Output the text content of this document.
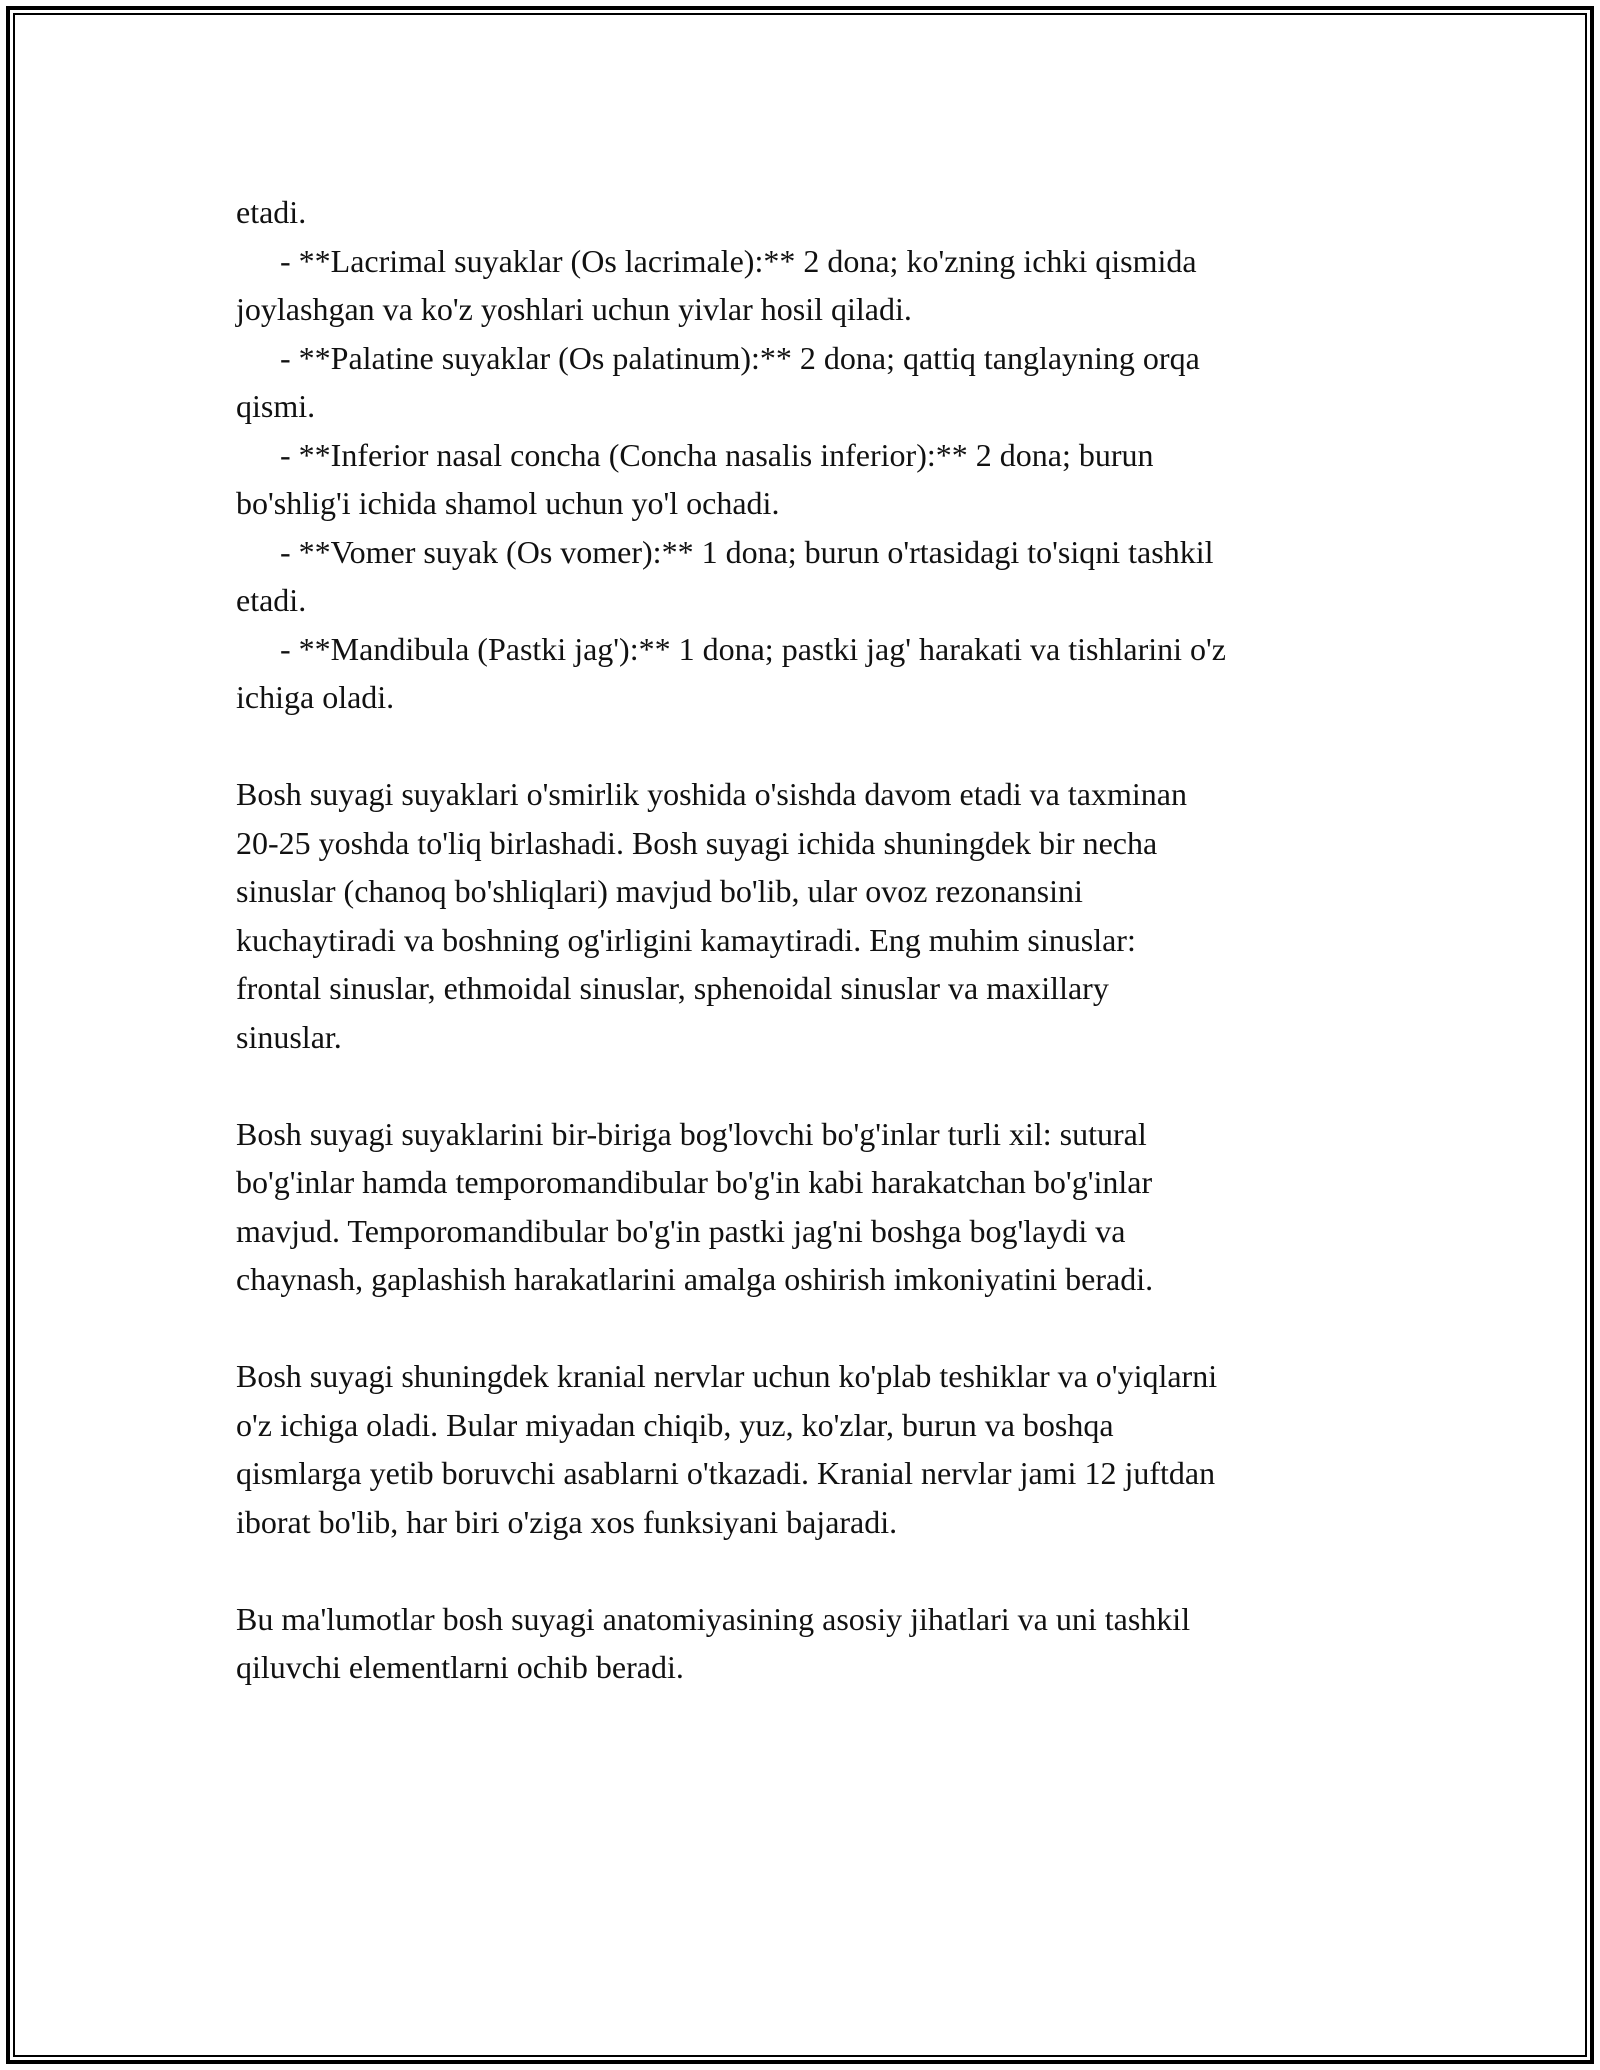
etadi.
- **Lacrimal suyaklar (Os lacrimale):** 2 dona; ko'zning ichki qismida
joylashgan va ko'z yoshlari uchun yivlar hosil qiladi.
- **Palatine suyaklar (Os palatinum):** 2 dona; qattiq tanglayning orqa
qismi.
- **Inferior nasal concha (Concha nasalis inferior):** 2 dona; burun
bo'shlig'i ichida shamol uchun yo'l ochadi.
- **Vomer suyak (Os vomer):** 1 dona; burun o'rtasidagi to'siqni tashkil
etadi.
- **Mandibula (Pastki jag'):** 1 dona; pastki jag' harakati va tishlarini o'z
ichiga oladi.
Bosh suyagi suyaklari o'smirlik yoshida o'sishda davom etadi va taxminan
20-25 yoshda to'liq birlashadi. Bosh suyagi ichida shuningdek bir necha
sinuslar (chanoq bo'shliqlari) mavjud bo'lib, ular ovoz rezonansini
kuchaytiradi va boshning og'irligini kamaytiradi. Eng muhim sinuslar:
frontal sinuslar, ethmoidal sinuslar, sphenoidal sinuslar va maxillary
sinuslar.
Bosh suyagi suyaklarini bir-biriga bog'lovchi bo'g'inlar turli xil: sutural
bo'g'inlar hamda temporomandibular bo'g'in kabi harakatchan bo'g'inlar
mavjud. Temporomandibular bo'g'in pastki jag'ni boshga bog'laydi va
chaynash, gaplashish harakatlarini amalga oshirish imkoniyatini beradi.
Bosh suyagi shuningdek kranial nervlar uchun ko'plab teshiklar va o'yiqlarni
o'z ichiga oladi. Bular miyadan chiqib, yuz, ko'zlar, burun va boshqa
qismlarga yetib boruvchi asablarni o'tkazadi. Kranial nervlar jami 12 juftdan
iborat bo'lib, har biri o'ziga xos funksiyani bajaradi.
Bu ma'lumotlar bosh suyagi anatomiyasining asosiy jihatlari va uni tashkil
qiluvchi elementlarni ochib beradi.
